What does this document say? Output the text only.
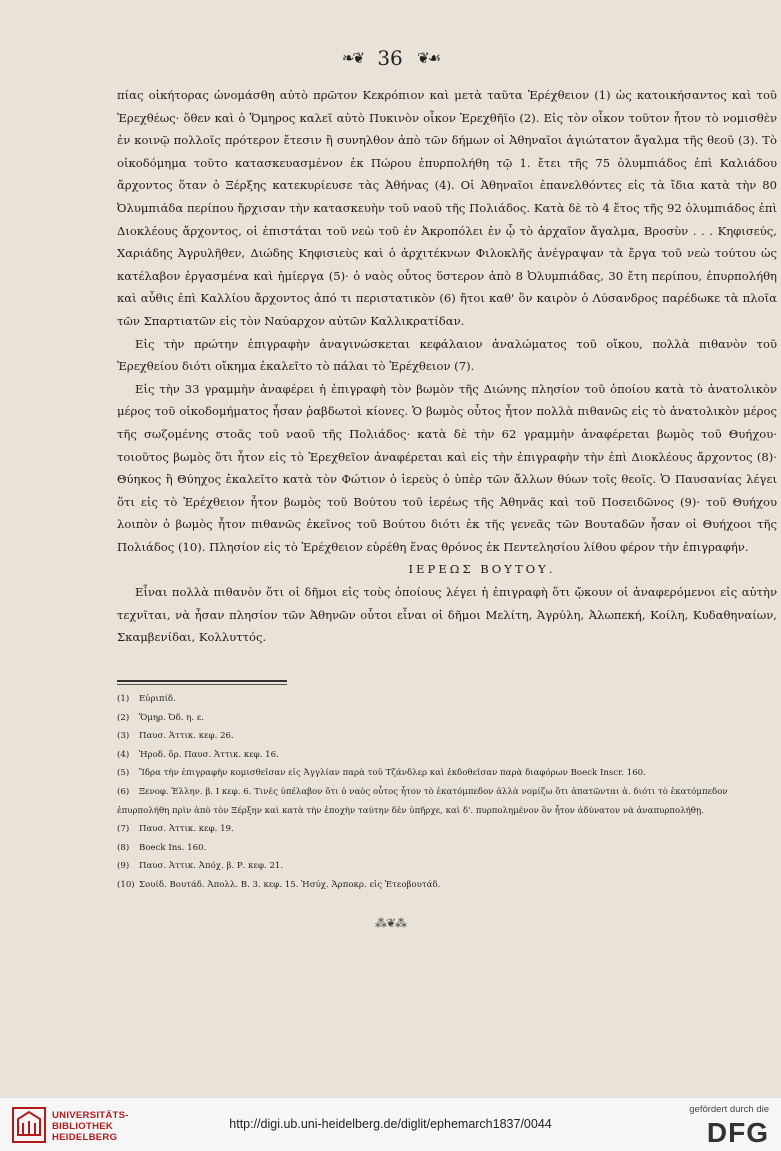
❧❦ 36 ❦☙

πίας οἰκήτορας ὠνομάσθη αὐτὸ πρῶτον Κεκρόπιον καὶ μετὰ ταῦτα Ἐρέχθειον (1) ὡς κατοικήσαντος καὶ τοῦ Ἐρεχθέως· ὅθεν καὶ ὁ Ὅμηρος καλεῖ αὐτὸ Πυκινὸν οἶκον Ἐρεχθῆϊο (2). Εἰς τὸν οἶκον τοῦτον ἦτον τὸ νομισθὲν ἐν κοινῷ πολλοῖς πρότερον ἔτεσιν ἢ συνηλθον ἀπὸ τῶν δήμων οἱ Ἀθηναῖοι ἁγιώτατον ἄγαλμα τῆς θεοῦ (3). Τὸ οἰκοδόμημα τοῦτο κατασκευασμένον ἐκ Πώρου ἐπυρπολήθη τῷ 1. ἔτει τῆς 75 ὀλυμπιάδος ἐπὶ Καλιάδου ἄρχοντος ὅταν ὁ Ξέρξης κατεκυρίευσε τὰς Ἀθήνας (4). Οἱ Ἀθηναῖοι ἐπανελθόντες εἰς τὰ ἴδια κατὰ τὴν 80 Ὀλυμπιάδα περίπου ἤρχισαν τὴν κατασκευὴν τοῦ ναοῦ τῆς Πολιάδος. Κατὰ δὲ τὸ 4 ἔτος τῆς 92 ὀλυμπιάδος ἐπὶ Διοκλέους ἄρχοντος, οἱ ἐπιστάται τοῦ νεὼ τοῦ ἐν Ἀκροπόλει ἐν ᾧ τὸ ἀρχαῖον ἄγαλμα, Βροσὺν . . . Κηφισεύς, Χαριάδης Ἀγρυλῆθεν, Διώδης Κηφισιεὺς καὶ ὁ ἀρχιτέκνων Φιλοκλῆς ἀνέγραψαν τὰ ἔργα τοῦ νεὼ τούτου ὡς κατέλαβον ἐργασμένα καὶ ἡμίεργα (5)· ὁ ναὸς οὗτος ὕστερον ἀπὸ 8 Ὀλυμπιάδας, 30 ἔτη περίπου, ἐπυρπολήθη καὶ αὖθις ἐπὶ Καλλίου ἄρχοντος ἀπό τι περιστατικὸν (6) ἤτοι καθ' ὃν καιρὸν ὁ Λύσανδρος παρέδωκε τὰ πλοῖα τῶν Σπαρτιατῶν εἰς τὸν Ναύαρχον αὐτῶν Καλλικρατίδαν.

Εἰς τὴν πρώτην ἐπιγραφὴν ἀναγινώσκεται κεφάλαιον ἀναλώματος τοῦ οἴκου, πολλὰ πιθανὸν τοῦ Ἐρεχθείου διότι οἴκημα ἐκαλεῖτο τὸ πάλαι τὸ Ἐρέχθειον (7).

Εἰς τὴν 33 γραμμὴν ἀναφέρει ἡ ἐπιγραφὴ τὸν βωμὸν τῆς Διώνης πλησίον τοῦ ὁποίου κατὰ τὸ ἀνατολικὸν μέρος τοῦ οἰκοδομήματος ἦσαν ῥαβδωτοὶ κίονες. Ὁ βωμὸς οὗτος ἦτον πολλὰ πιθανῶς εἰς τὸ ἀνατολικὸν μέρος τῆς σωζομένης στοᾶς τοῦ ναοῦ τῆς Πολιάδος· κατὰ δὲ τὴν 62 γραμμὴν ἀναφέρεται βωμὸς τοῦ Θυήχου· τοιοῦτος βωμὸς ὅτι ἦτον εἰς τὸ Ἐρεχθεῖον ἀναφέρεται καὶ εἰς τὴν ἐπιγραφὴν τὴν ἐπὶ Διοκλέους ἄρχοντος (8)· Θύηκος ἢ Θύηχος ἐκαλεῖτο κατὰ τὸν Φώτιον ὁ ἱερεὺς ὁ ὑπὲρ τῶν ἄλλων θύων τοῖς θεοῖς. Ὁ Παυσανίας λέγει ὅτι εἰς τὸ Ἐρέχθειον ἦτον βωμὸς τοῦ Βούτου τοῦ ἱερέως τῆς Ἀθηνᾶς καὶ τοῦ Ποσειδῶνος (9)· τοῦ Θυήχου λοιπὸν ὁ βωμὸς ἦτον πιθανῶς ἐκεῖνος τοῦ Βούτου διότι ἐκ τῆς γενεᾶς τῶν Βουταδῶν ἦσαν οἱ Θυήχοοι τῆς Πολιάδος (10). Πλησίον εἰς τὸ Ἐρέχθειον εὑρέθη ἕνας θρόνος ἐκ Πεντελησίου λίθου φέρον τὴν ἐπιγραφήν.

ΙΕΡΕΩΣ ΒΟΥΤΟΥ.

Εἶναι πολλὰ πιθανὸν ὅτι οἱ δῆμοι εἰς τοὺς ὁποίους λέγει ἡ ἐπιγραφὴ ὅτι ᾤκουν οἱ ἀναφερόμενοι εἰς αὐτὴν τεχνῖται, νὰ ἦσαν πλησίον τῶν Ἀθηνῶν οὗτοι εἶναι οἱ δῆμοι Μελίτη, Ἀγρύλη, Ἀλωπεκή, Κοίλη, Κυδαθηναίων, Σκαμβενίδαι, Κολλυττός.

(1) Εὐριπίδ.

(2) Ὅμηρ. Ὀδ. η. ε.

(3) Παυσ. Ἀττικ. κεφ. 26.

(4) Ἡροδ. ὅρ. Παυσ. Ἀττικ. κεφ. 16.

(5) Ἴδρα τὴν ἐπιγραφὴν κομισθεῖσαν εἰς Ἀγγλίαν παρὰ τοῦ Τζάνδλερ καὶ ἐκδοθεῖσαν παρὰ διαφόρων Boeck Inscr. 160.

(6) Ξενοφ. Ἑλλην. β. Ι κεφ. 6. Τινὲς ὑπέλαβον ὅτι ὁ ναὸς οὗτος ἦτον τὸ ἑκατόμπεδον ἀλλὰ νομίζω ὅτι ἀπατῶνται ἀ. διότι τὸ ἑκατόμπεδον ἐπυρπολήθη πρὶν ἀπὸ τὸν Ξέρξην καὶ κατὰ τὴν ἐποχὴν ταύτην δὲν ὑπῆρχε, καὶ δ'. πυρπολημένον ὃν ἦτον ἀδύνατον νὰ ἀναπυρπολήθῃ.

(7) Παυσ. Ἀττικ. κεφ. 19.

(8) Boeck Ins. 160.

(9) Παυσ. Ἀττικ. Ἀπόχ. β. Ρ. κεφ. 21.

(10) Σουίδ. Βουτάδ. Ἀπολλ. Β. 3. κεφ. 15. Ἡσύχ. Ἁρποκρ. εἰς Ἐτεοβουτάδ.

⁂❦⁂
UNIVERSITÄTS-
BIBLIOTHEK
HEIDELBERG
http://digi.ub.uni-heidelberg.de/diglit/ephemarch1837/0044
gefördert durch die
DFG
